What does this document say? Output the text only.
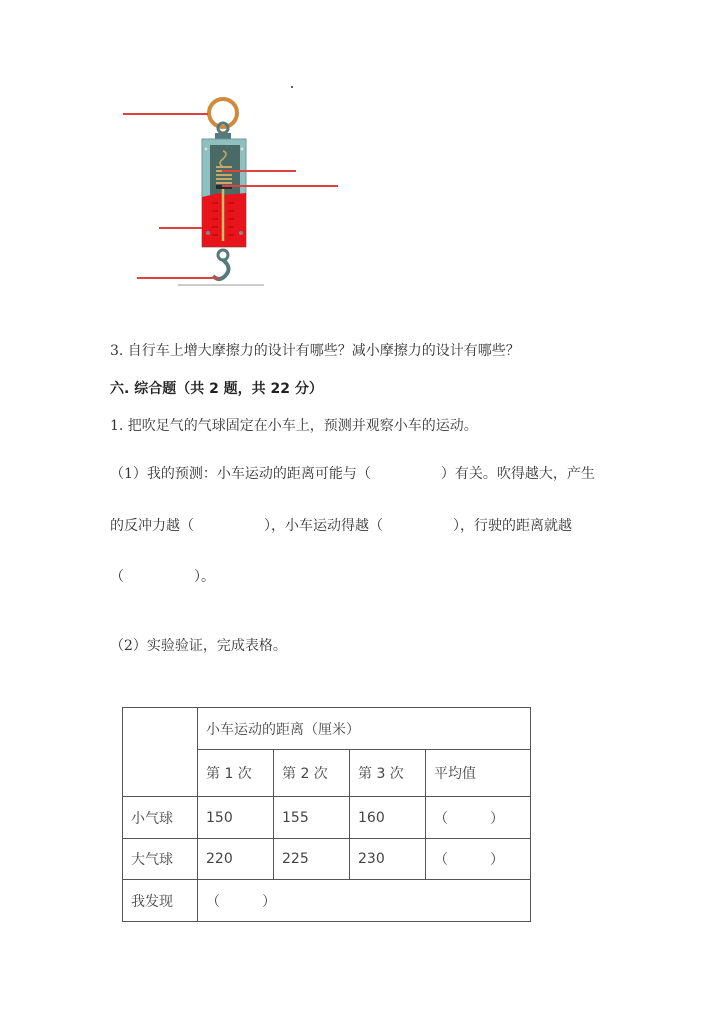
3. 自行车上增大摩擦力的设计有哪些？减小摩擦力的设计有哪些？
六. 综合题（共 2 题，共 22 分）
1. 把吹足气的气球固定在小车上，预测并观察小车的运动。
（1）我的预测：小车运动的距离可能与（　　　　　）有关。吹得越大，产生
的反冲力越（　　　　　），小车运动得越（　　　　　），行驶的距离就越
（　　　　　）。
（2）实验验证，完成表格。
	小车运动的距离（厘米）			
	第 1 次	第 2 次	第 3 次	平均值
小气球	150	155	160	（　　　）
大气球	220	225	230	（　　　）
我发现	（　　　）			
